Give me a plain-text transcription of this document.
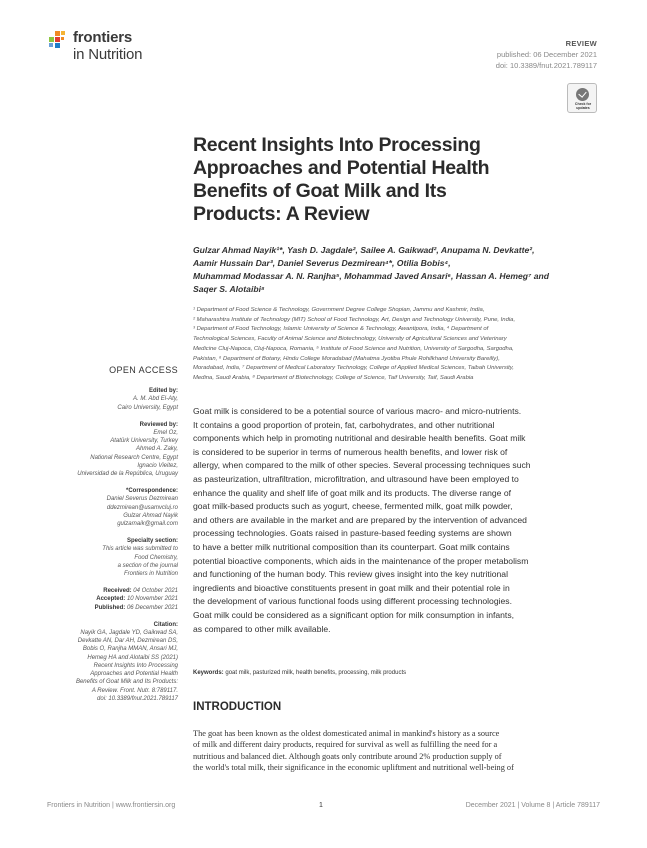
frontiers
in Nutrition
REVIEW
published: 06 December 2021
doi: 10.3389/fnut.2021.789117
Check for
updates
Recent Insights Into Processing
Approaches and Potential Health
Benefits of Goat Milk and Its
Products: A Review
Gulzar Ahmad Nayik¹*, Yash D. Jagdale², Sailee A. Gaikwad², Anupama N. Devkatte²,
Aamir Hussain Dar³, Daniel Severus Dezmirean⁴*, Otilia Bobis⁴,
Muhammad Modassar A. N. Ranjha⁵, Mohammad Javed Ansari⁶, Hassan A. Hemeg⁷ and
Saqer S. Alotaibi⁸
¹ Department of Food Science & Technology, Government Degree College Shopian, Jammu and Kashmir, India,
² Maharashtra Institute of Technology (MIT) School of Food Technology, Art, Design and Technology University, Pune, India,
³ Department of Food Technology, Islamic University of Science & Technology, Awantipora, India, ⁴ Department of
Technological Sciences, Faculty of Animal Science and Biotechnology, University of Agricultural Sciences and Veterinary
Medicine Cluj-Napoca, Cluj-Napoca, Romania, ⁵ Institute of Food Science and Nutrition, University of Sargodha, Sargodha,
Pakistan, ⁶ Department of Botany, Hindu College Moradabad (Mahatma Jyotiba Phule Rohilkhand University Bareilly),
Moradabad, India, ⁷ Department of Medical Laboratory Technology, College of Applied Medical Sciences, Taibah University,
Medina, Saudi Arabia, ⁸ Department of Biotechnology, College of Science, Taif University, Taif, Saudi Arabia
OPEN ACCESS
Edited by:
A. M. Abd El-Aty,
Cairo University, Egypt
Reviewed by:
Emel Oz,
Atatürk University, Turkey
Ahmed A. Zaky,
National Research Centre, Egypt
Ignacio Vieitez,
Universidad de la República, Uruguay
*Correspondence:
Daniel Severus Dezmirean
ddezmirean@usamvcluj.ro
Gulzar Ahmad Nayik
gulzarnaik@gmail.com
Specialty section:
This article was submitted to
Food Chemistry,
a section of the journal
Frontiers in Nutrition
Received: 04 October 2021
Accepted: 10 November 2021
Published: 06 December 2021
Citation:
Nayik GA, Jagdale YD, Gaikwad SA,
Devkatte AN, Dar AH, Dezmirean DS,
Bobis O, Ranjha MMAN, Ansari MJ,
Hemeg HA and Alotaibi SS (2021)
Recent Insights Into Processing
Approaches and Potential Health
Benefits of Goat Milk and Its Products:
A Review. Front. Nutr. 8:789117.
doi: 10.3389/fnut.2021.789117
Goat milk is considered to be a potential source of various macro- and micro-nutrients.
It contains a good proportion of protein, fat, carbohydrates, and other nutritional
components which help in promoting nutritional and desirable health benefits. Goat milk
is considered to be superior in terms of numerous health benefits, and lower risk of
allergy, when compared to the milk of other species. Several processing techniques such
as pasteurization, ultrafiltration, microfiltration, and ultrasound have been employed to
enhance the quality and shelf life of goat milk and its products. The diverse range of
goat milk-based products such as yogurt, cheese, fermented milk, goat milk powder,
and others are available in the market and are prepared by the intervention of advanced
processing technologies. Goats raised in pasture-based feeding systems are shown
to have a better milk nutritional composition than its counterpart. Goat milk contains
potential bioactive components, which aids in the maintenance of the proper metabolism
and functioning of the human body. This review gives insight into the key nutritional
ingredients and bioactive constituents present in goat milk and their potential role in
the development of various functional foods using different processing technologies.
Goat milk could be considered as a significant option for milk consumption in infants,
as compared to other milk available.
Keywords: goat milk, pasturized milk, health benefits, processing, milk products
INTRODUCTION
The goat has been known as the oldest domesticated animal in mankind's history as a source
of milk and different dairy products, required for survival as well as fulfilling the need for a
nutritious and balanced diet. Although goats only contribute around 2% production supply of
the world's total milk, their significance in the economic upliftment and nutritional well-being of
Frontiers in Nutrition | www.frontiersin.org	1	December 2021 | Volume 8 | Article 789117
